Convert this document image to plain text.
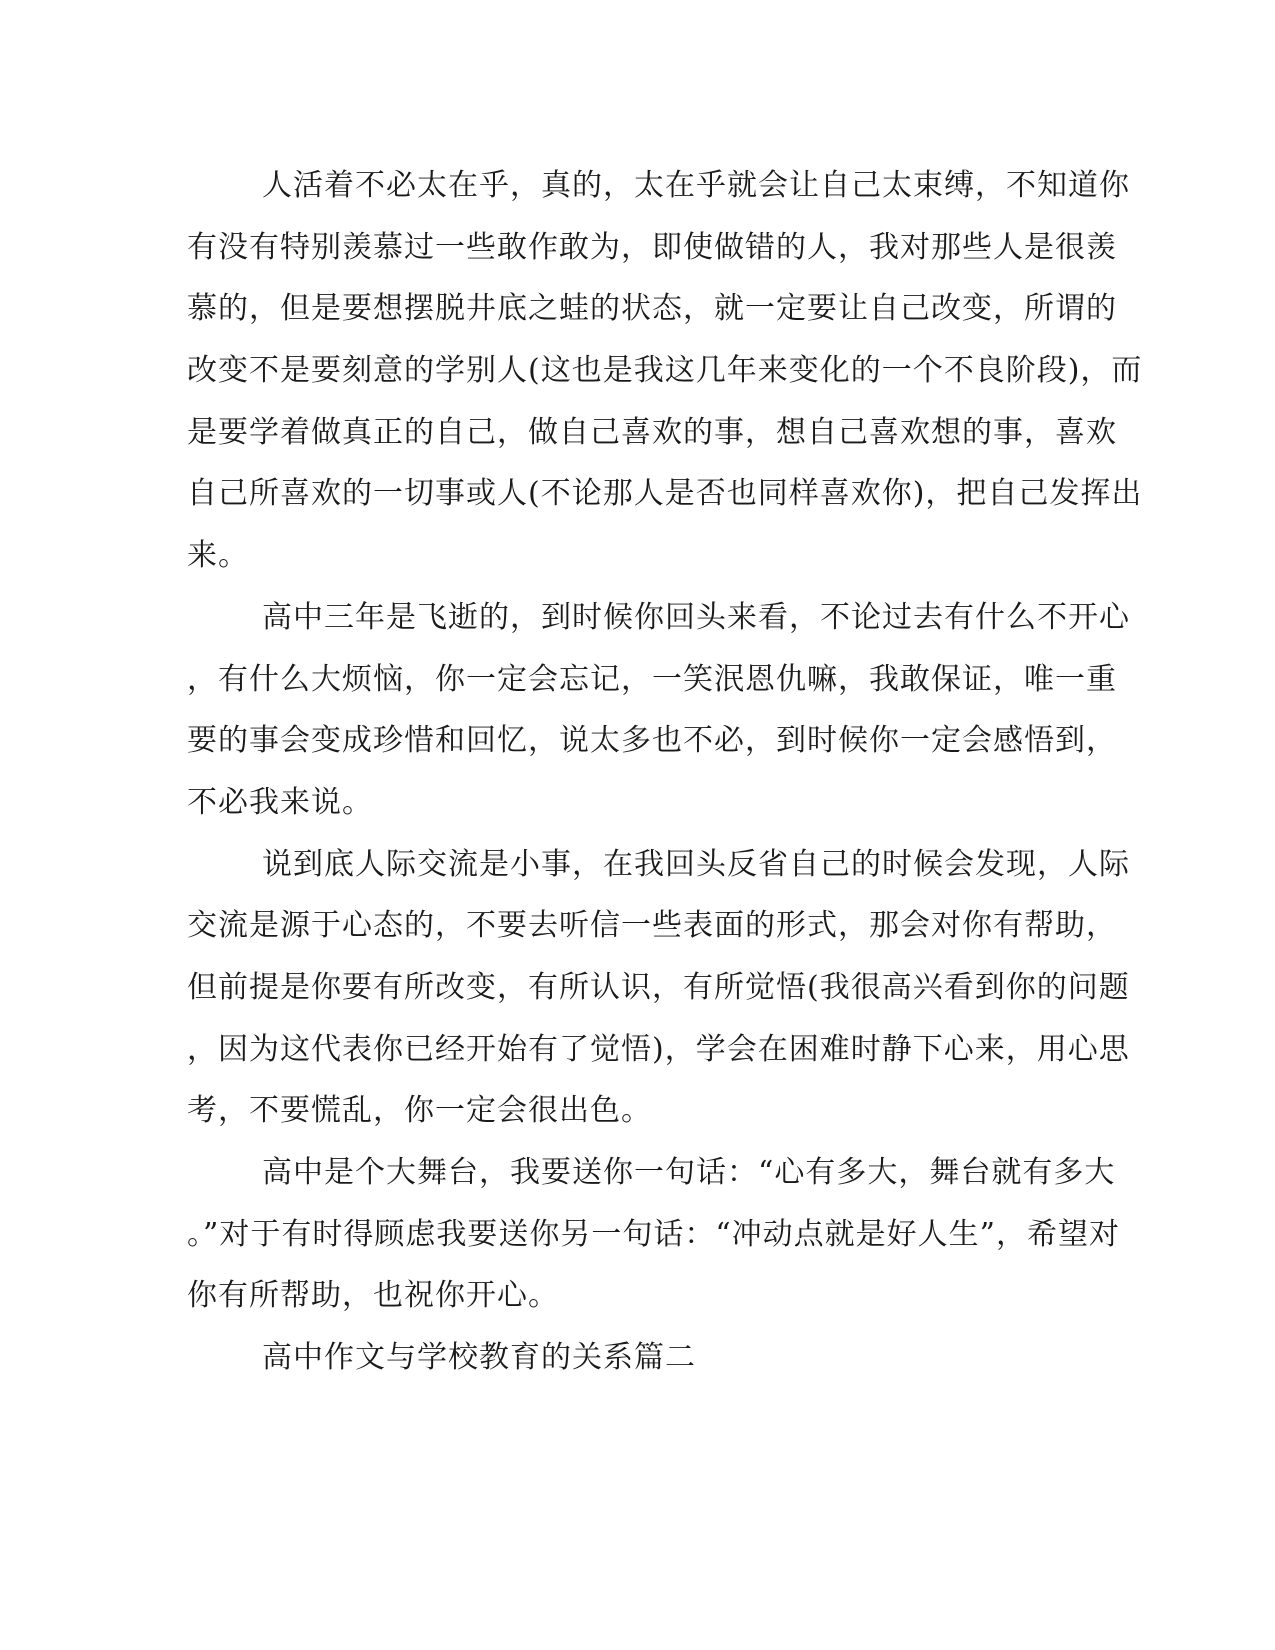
人活着不必太在乎，真的，太在乎就会让自己太束缚，不知道你
有没有特别羡慕过一些敢作敢为，即使做错的人，我对那些人是很羡
慕的，但是要想摆脱井底之蛙的状态，就一定要让自己改变，所谓的
改变不是要刻意的学别人(这也是我这几年来变化的一个不良阶段)，而
是要学着做真正的自己，做自己喜欢的事，想自己喜欢想的事，喜欢
自己所喜欢的一切事或人(不论那人是否也同样喜欢你)，把自己发挥出
来。
高中三年是飞逝的，到时候你回头来看，不论过去有什么不开心
，有什么大烦恼，你一定会忘记，一笑泯恩仇嘛，我敢保证，唯一重
要的事会变成珍惜和回忆，说太多也不必，到时候你一定会感悟到，
不必我来说。
说到底人际交流是小事，在我回头反省自己的时候会发现，人际
交流是源于心态的，不要去听信一些表面的形式，那会对你有帮助，
但前提是你要有所改变，有所认识，有所觉悟(我很高兴看到你的问题
，因为这代表你已经开始有了觉悟)，学会在困难时静下心来，用心思
考，不要慌乱，你一定会很出色。
高中是个大舞台，我要送你一句话：“心有多大，舞台就有多大
。”对于有时得顾虑我要送你另一句话：“冲动点就是好人生”，希望对
你有所帮助，也祝你开心。
高中作文与学校教育的关系篇二
